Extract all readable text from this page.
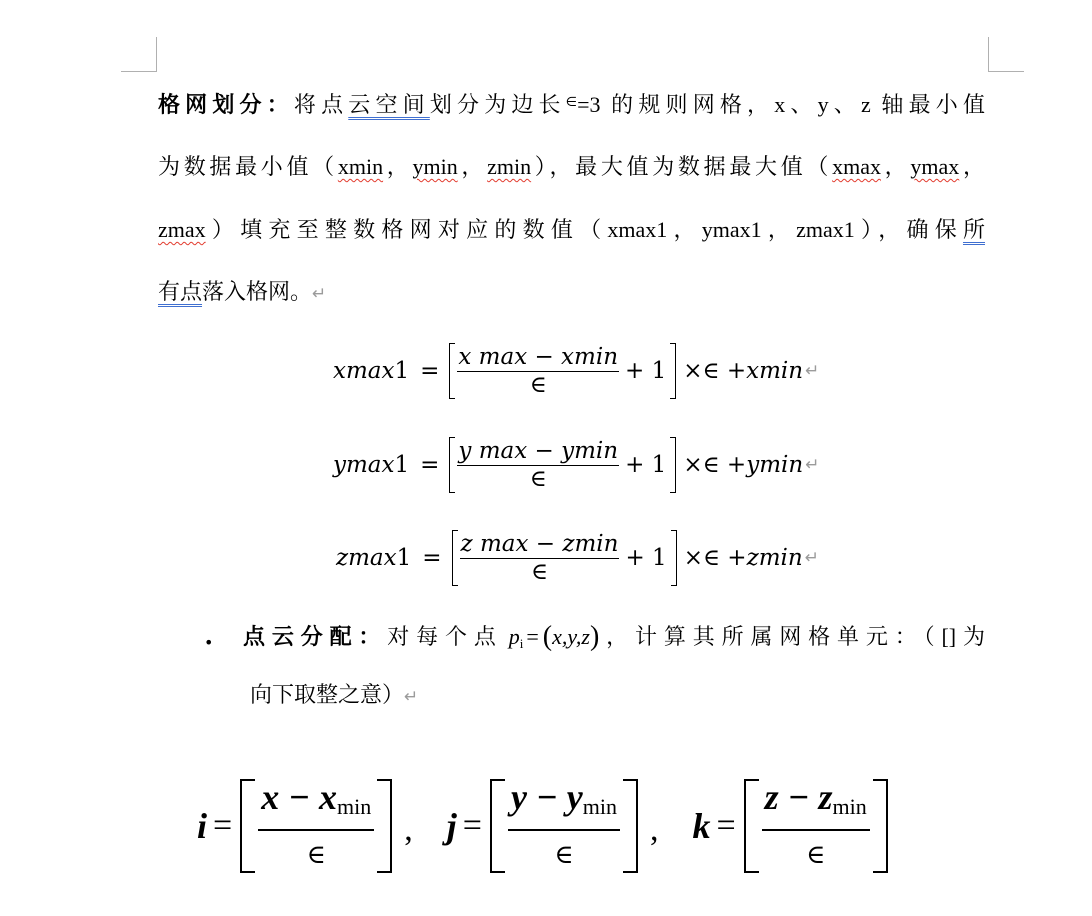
格网划分：将点云空间划分为边长∈=3 的规则网格，x、y、z 轴最小值
为数据最小值（xmin，ymin，zmin），最大值为数据最大值（xmax，ymax，
zmax）填充至整数格网对应的数值（xmax1，ymax1，zmax1），确保所
有点落入格网。↵
xmax $1 = \frac{\text{x max − xmin}}{\in} + 1$ ×∈ + xmin ↵
ymax $1 = \frac{\text{y max − ymin}}{\in} + 1$ ×∈ + ymin ↵
zmax $1 = \frac{\text{z max − zmin}}{\in} + 1$ ×∈ + zmin ↵
• 点云分配：对每个点 pi = (x,y,z)，计算其所属网格单元：（[]为
向下取整之意）↵
$i = \frac{x - xmin}{\in}$ , $j = \frac{y - ymin}{\in}$ , $k = \frac{z - zmin}{\in}$
